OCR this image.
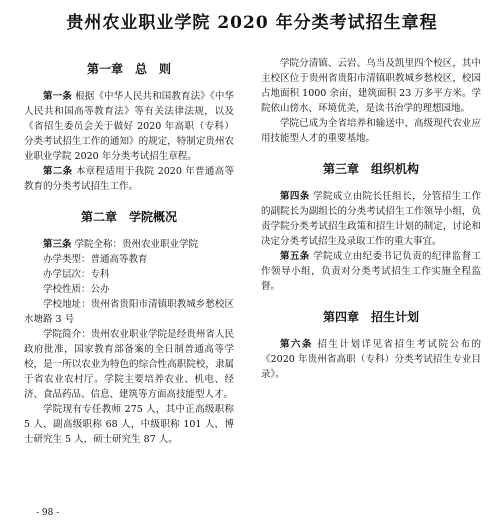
贵州农业职业学院 2020 年分类考试招生章程
第一章　总　则

第一条 根据《中华人民共和国教育法》《中华人民共和国高等教育法》等有关法律法规，以及《省招生委员会关于做好 2020 年高职（专科）分类考试招生工作的通知》的规定，特制定贵州农业职业学院 2020 年分类考试招生章程。

第二条 本章程适用于我院 2020 年普通高等教育的分类考试招生工作。

第二章　学院概况

第三条 学院全称：贵州农业职业学院

办学类型：普通高等教育

办学层次：专科

学校性质：公办

学校地址：贵州省贵阳市清镇职教城乡愁校区水塘路 3 号

学院简介：贵州农业职业学院是经贵州省人民政府批准，国家教育部备案的全日制普通高等学校，是一所以农业为特色的综合性高职院校，隶属于省农业农村厅。学院主要培养农业、机电、经济、食品药品、信息、建筑等方面高技能型人才。

学院现有专任教师 275 人，其中正高级职称 5 人，副高级职称 68 人，中级职称 101 人，博士研究生 5 人，硕士研究生 87 人。

学院分清镇、云岩、乌当及凯里四个校区，其中主校区位于贵州省贵阳市清镇职教城乡愁校区，校园占地面积 1000 余亩，建筑面积 23 万多平方米。学院依山傍水、环境优美，是读书治学的理想园地。

学院已成为全省培养和输送中、高级现代农业应用技能型人才的重要基地。

第三章　组织机构

第四条 学院成立由院长任组长，分管招生工作的副院长为副组长的分类考试招生工作领导小组，负责学院分类考试招生政策和招生计划的制定，讨论和决定分类考试招生及录取工作的重大事宜。

第五条 学院成立由纪委书记负责的纪律监督工作领导小组，负责对分类考试招生工作实施全程监督。

第四章　招生计划

第六条 招生计划详见省招生考试院公布的《2020 年贵州省高职（专科）分类考试招生专业目录》。

- 98 -
